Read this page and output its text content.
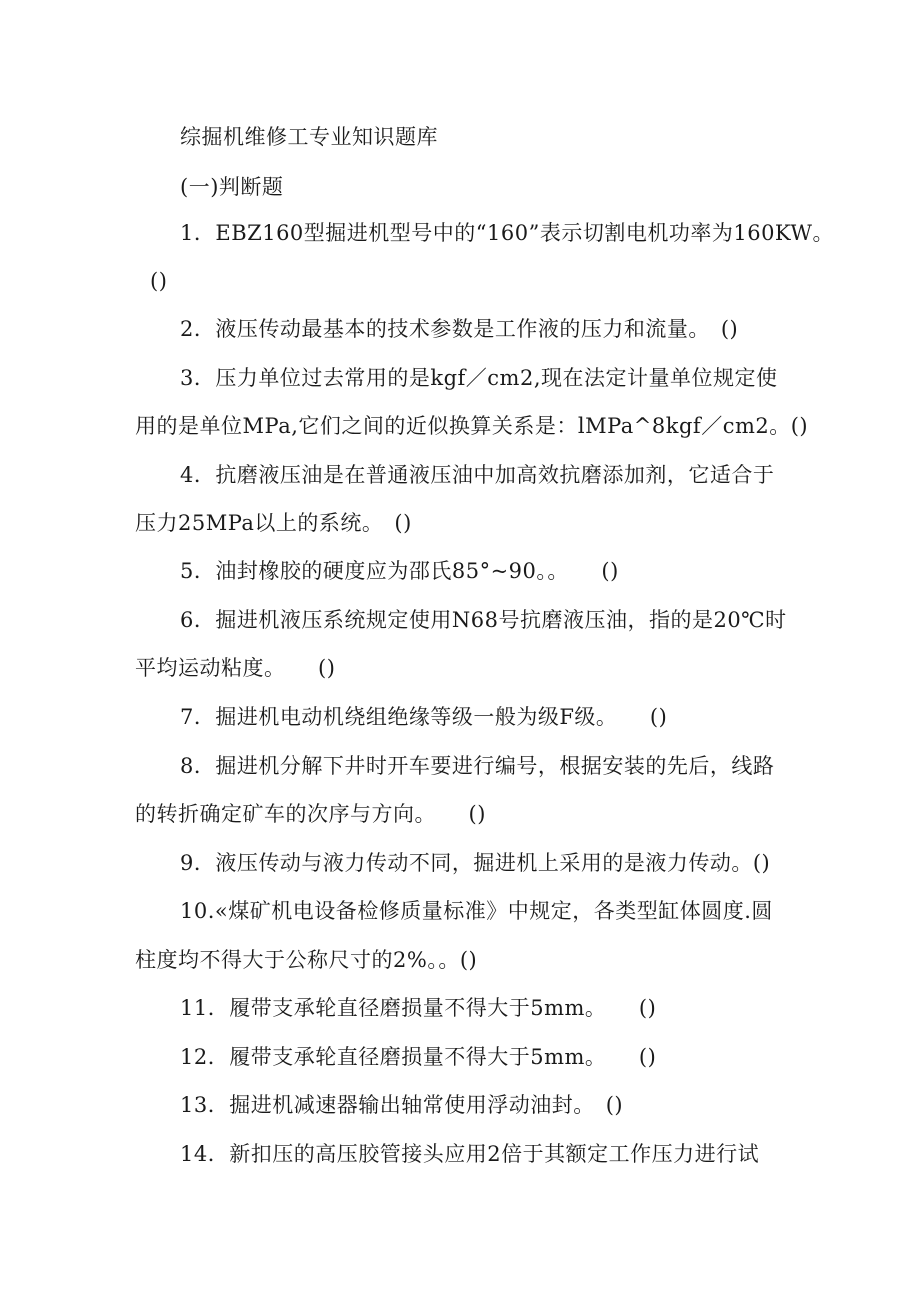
综掘机维修工专业知识题库
(一)判断题
1．EBZ160型掘进机型号中的“160”表示切割电机功率为160KW。
()
2．液压传动最基本的技术参数是工作液的压力和流量。　()
3．压力单位过去常用的是kgf／cm2,现在法定计量单位规定使
用的是单位MPa,它们之间的近似换算关系是：lMPa^8kgf／cm2。()
4．抗磨液压油是在普通液压油中加高效抗磨添加剂，它适合于
压力25MPa以上的系统。　()
5．油封橡胶的硬度应为邵氏85°~90。。　　()
6．掘进机液压系统规定使用N68号抗磨液压油，指的是20℃时
平均运动粘度。　　()
7．掘进机电动机绕组绝缘等级一般为级F级。　　()
8．掘进机分解下井时开车要进行编号，根据安装的先后，线路
的转折确定矿车的次序与方向。　　()
9．液压传动与液力传动不同，掘进机上采用的是液力传动。()
10.«煤矿机电设备检修质量标准》中规定，各类型缸体圆度.圆
柱度均不得大于公称尺寸的2%。。()
11．履带支承轮直径磨损量不得大于5mm。　　()
12．履带支承轮直径磨损量不得大于5mm。　　()
13．掘进机减速器输出轴常使用浮动油封。　()
14．新扣压的高压胶管接头应用2倍于其额定工作压力进行试
